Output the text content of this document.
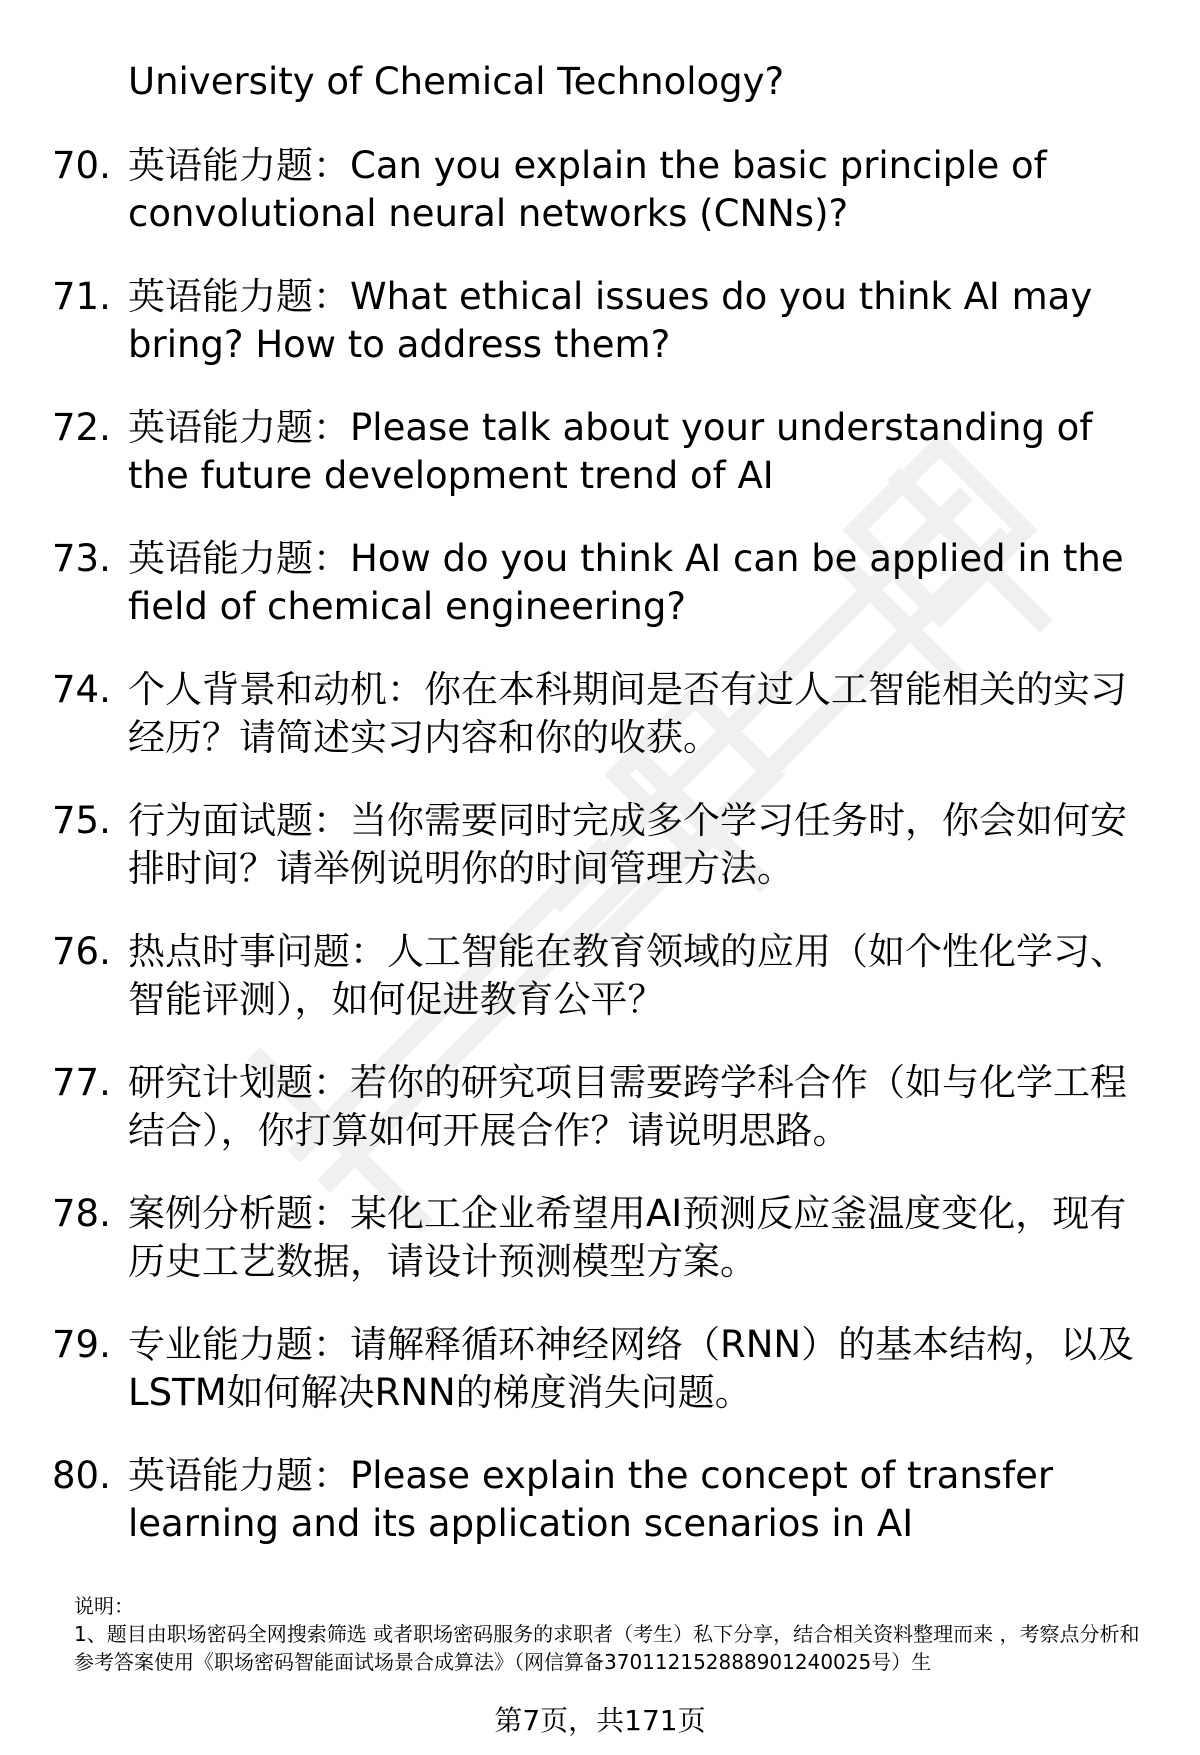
University of Chemical Technology?
70. 英语能力题：Can you explain the basic principle of convolutional neural networks (CNNs)?
71. 英语能力题：What ethical issues do you think AI may bring? How to address them?
72. 英语能力题：Please talk about your understanding of the future development trend of AI
73. 英语能力题：How do you think AI can be applied in the field of chemical engineering?
74. 个人背景和动机：你在本科期间是否有过人工智能相关的实习经历？请简述实习内容和你的收获。
75. 行为面试题：当你需要同时完成多个学习任务时，你会如何安排时间？请举例说明你的时间管理方法。
76. 热点时事问题：人工智能在教育领域的应用（如个性化学习、智能评测），如何促进教育公平？
77. 研究计划题：若你的研究项目需要跨学科合作（如与化学工程结合），你打算如何开展合作？请说明思路。
78. 案例分析题：某化工企业希望用AI预测反应釜温度变化，现有历史工艺数据，请设计预测模型方案。
79. 专业能力题：请解释循环神经网络（RNN）的基本结构，以及LSTM如何解决RNN的梯度消失问题。
80. 英语能力题：Please explain the concept of transfer learning and its application scenarios in AI
说明：
1、题目由职场密码全网搜索筛选 或者职场密码服务的求职者（考生）私下分享，结合相关资料整理而来 ，考察点分析和参考答案使用《职场密码智能面试场景合成算法》（网信算备370112152888901240025号）生
第7页，共171页
